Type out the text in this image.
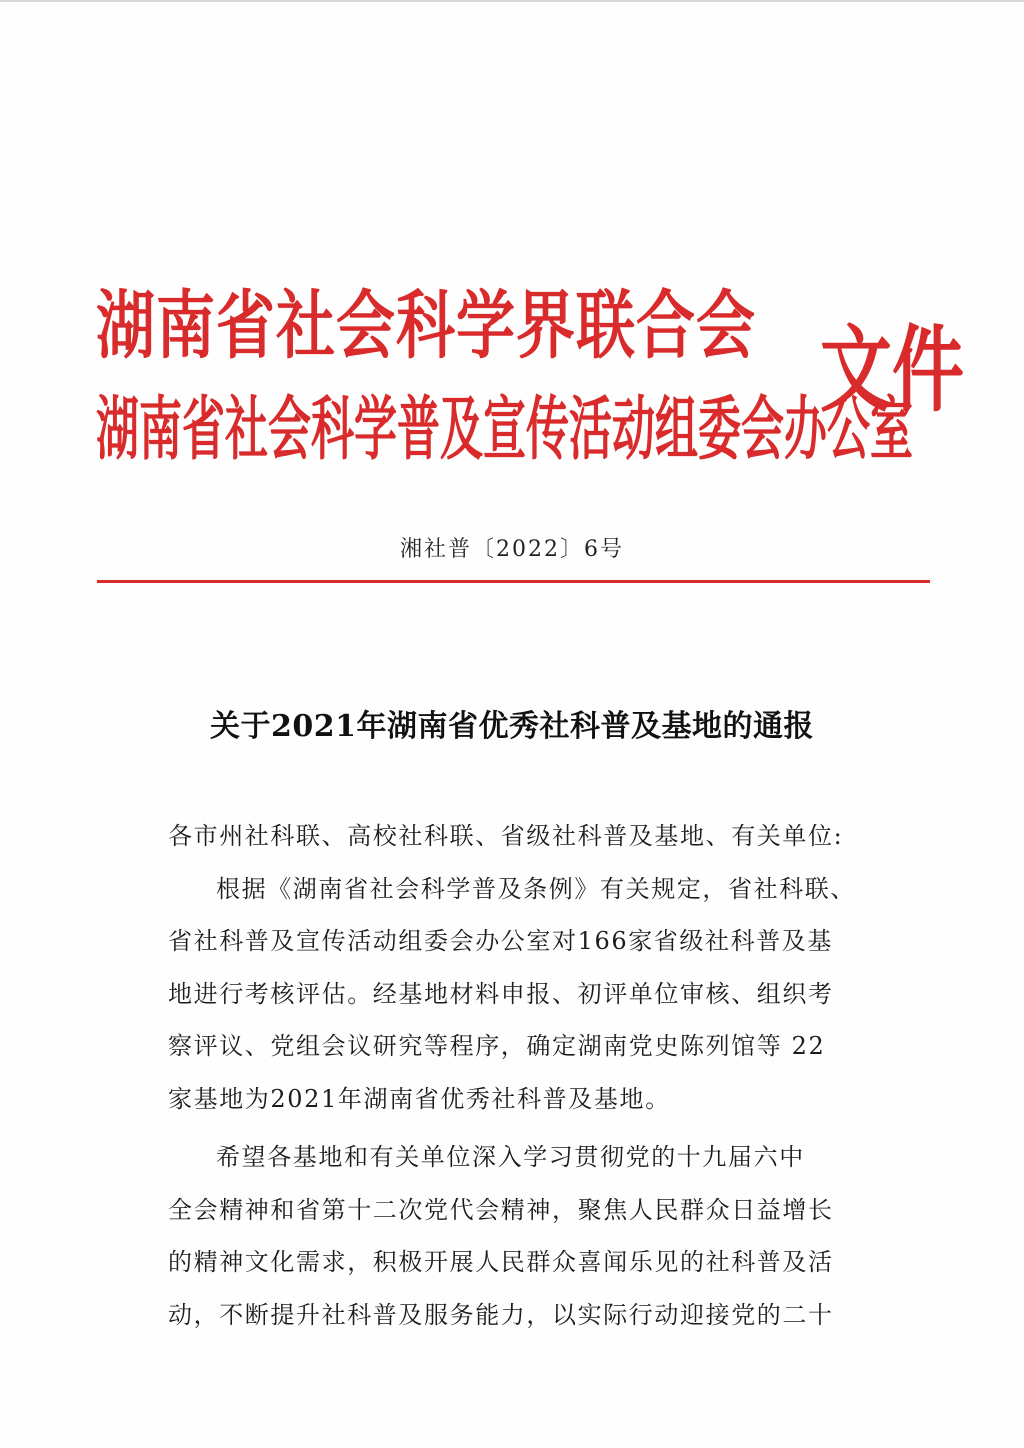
湖南省社会科学界联合会
湖南省社会科学普及宣传活动组委会办公室
文件
湘社普〔2022〕6号
关于2021年湖南省优秀社科普及基地的通报
各市州社科联、高校社科联、省级社科普及基地、有关单位:
根据《湖南省社会科学普及条例》有关规定，省社科联、
省社科普及宣传活动组委会办公室对166家省级社科普及基
地进行考核评估。经基地材料申报、初评单位审核、组织考
察评议、党组会议研究等程序，确定湖南党史陈列馆等 22
家基地为2021年湖南省优秀社科普及基地。
希望各基地和有关单位深入学习贯彻党的十九届六中
全会精神和省第十二次党代会精神，聚焦人民群众日益增长
的精神文化需求，积极开展人民群众喜闻乐见的社科普及活
动，不断提升社科普及服务能力，以实际行动迎接党的二十
